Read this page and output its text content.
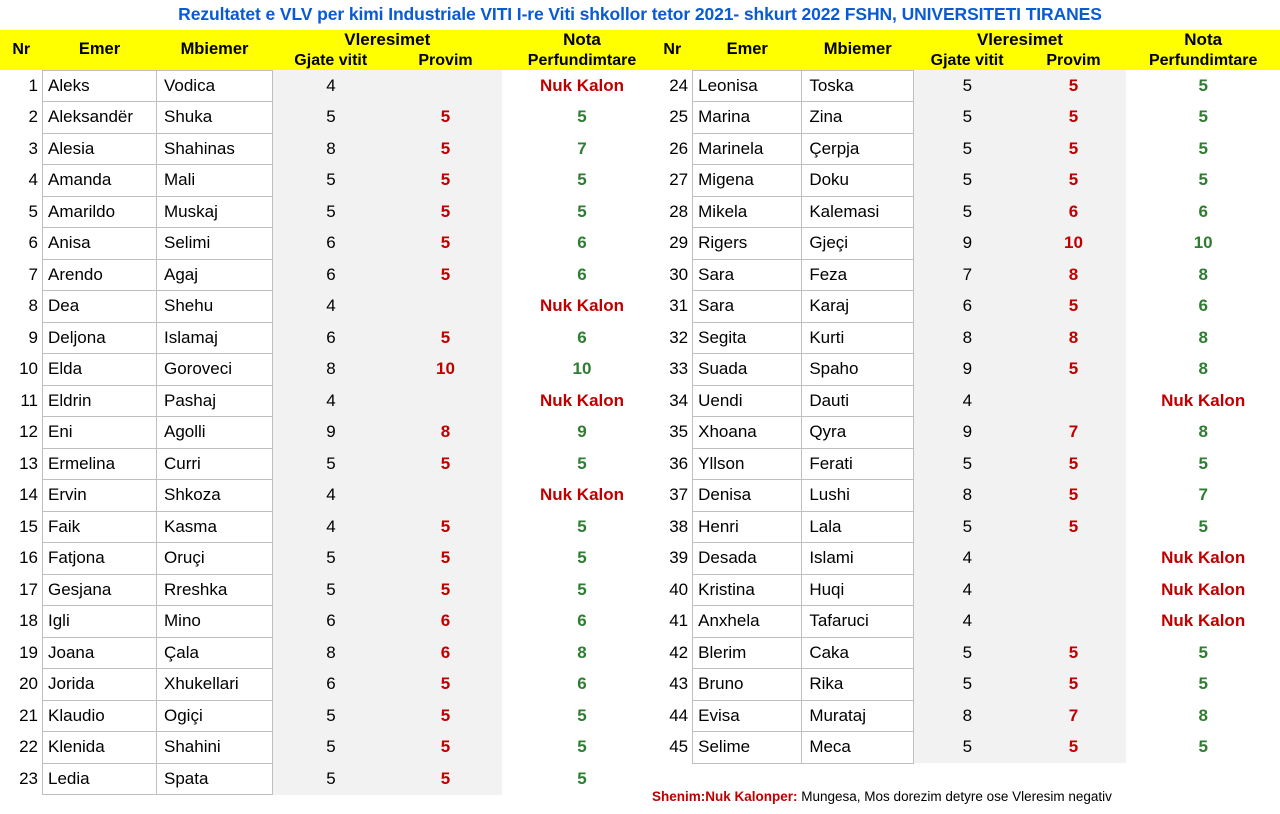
Rezultatet e VLV per kimi Industriale VITI I-re Viti shkollor tetor 2021- shkurt 2022 FSHN, UNIVERSITETI TIRANES
Nr	Emer	Mbiemer	Vleresimet		Nota
			Gjate vitit	Provim	Perfundimtare
1	Aleks	Vodica	4		Nuk Kalon
2	Aleksandër	Shuka	5	5	5
3	Alesia	Shahinas	8	5	7
4	Amanda	Mali	5	5	5
5	Amarildo	Muskaj	5	5	5
6	Anisa	Selimi	6	5	6
7	Arendo	Agaj	6	5	6
8	Dea	Shehu	4		Nuk Kalon
9	Deljona	Islamaj	6	5	6
10	Elda	Goroveci	8	10	10
11	Eldrin	Pashaj	4		Nuk Kalon
12	Eni	Agolli	9	8	9
13	Ermelina	Curri	5	5	5
14	Ervin	Shkoza	4		Nuk Kalon
15	Faik	Kasma	4	5	5
16	Fatjona	Oruçi	5	5	5
17	Gesjana	Rreshka	5	5	5
18	Igli	Mino	6	6	6
19	Joana	Çala	8	6	8
20	Jorida	Xhukellari	6	5	6
21	Klaudio	Ogiçi	5	5	5
22	Klenida	Shahini	5	5	5
23	Ledia	Spata	5	5	5
Nr	Emer	Mbiemer	Vleresimet		Nota
			Gjate vitit	Provim	Perfundimtare
24	Leonisa	Toska	5	5	5
25	Marina	Zina	5	5	5
26	Marinela	Çerpja	5	5	5
27	Migena	Doku	5	5	5
28	Mikela	Kalemasi	5	6	6
29	Rigers	Gjeçi	9	10	10
30	Sara	Feza	7	8	8
31	Sara	Karaj	6	5	6
32	Segita	Kurti	8	8	8
33	Suada	Spaho	9	5	8
34	Uendi	Dauti	4		Nuk Kalon
35	Xhoana	Qyra	9	7	8
36	Yllson	Ferati	5	5	5
37	Denisa	Lushi	8	5	7
38	Henri	Lala	5	5	5
39	Desada	Islami	4		Nuk Kalon
40	Kristina	Huqi	4		Nuk Kalon
41	Anxhela	Tafaruci	4		Nuk Kalon
42	Blerim	Caka	5	5	5
43	Bruno	Rika	5	5	5
44	Evisa	Murataj	8	7	8
45	Selime	Meca	5	5	5
Shenim:Nuk Kalonper: Mungesa, Mos dorezim detyre ose Vleresim negativ
